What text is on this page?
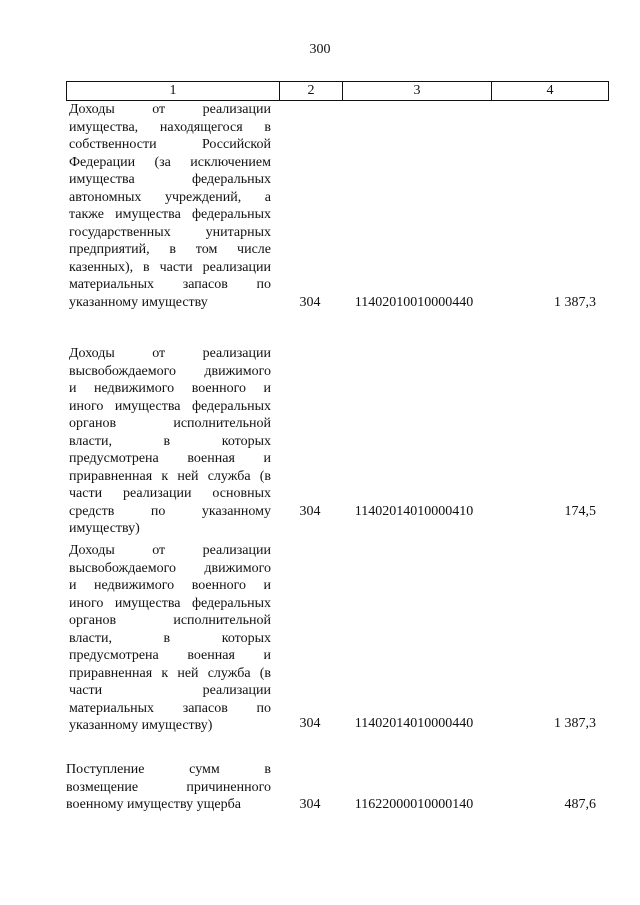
300
1	2	3	4
Доходы от реализации
имущества, находящегося в
собственности Российской
Федерации (за исключением
имущества федеральных
автономных учреждений, а
также имущества федеральных
государственных унитарных
предприятий, в том числе
казенных), в части реализации
материальных запасов по
указанному имуществу	304	11402010010000440	1 387,3
Доходы от реализации
высвобождаемого движимого
и недвижимого военного и
иного имущества федеральных
органов исполнительной
власти, в которых
предусмотрена военная и
приравненная к ней служба (в
части реализации основных
средств по указанному
имуществу)
304	11402014010000410	174,5
Доходы от реализации
высвобождаемого движимого
и недвижимого военного и
иного имущества федеральных
органов исполнительной
власти, в которых
предусмотрена военная и
приравненная к ней служба (в
части реализации
материальных запасов по
указанному имуществу)	304	11402014010000440	1 387,3
Поступление сумм в
возмещение причиненного
военному имуществу ущерба	304	11622000010000140	487,6
